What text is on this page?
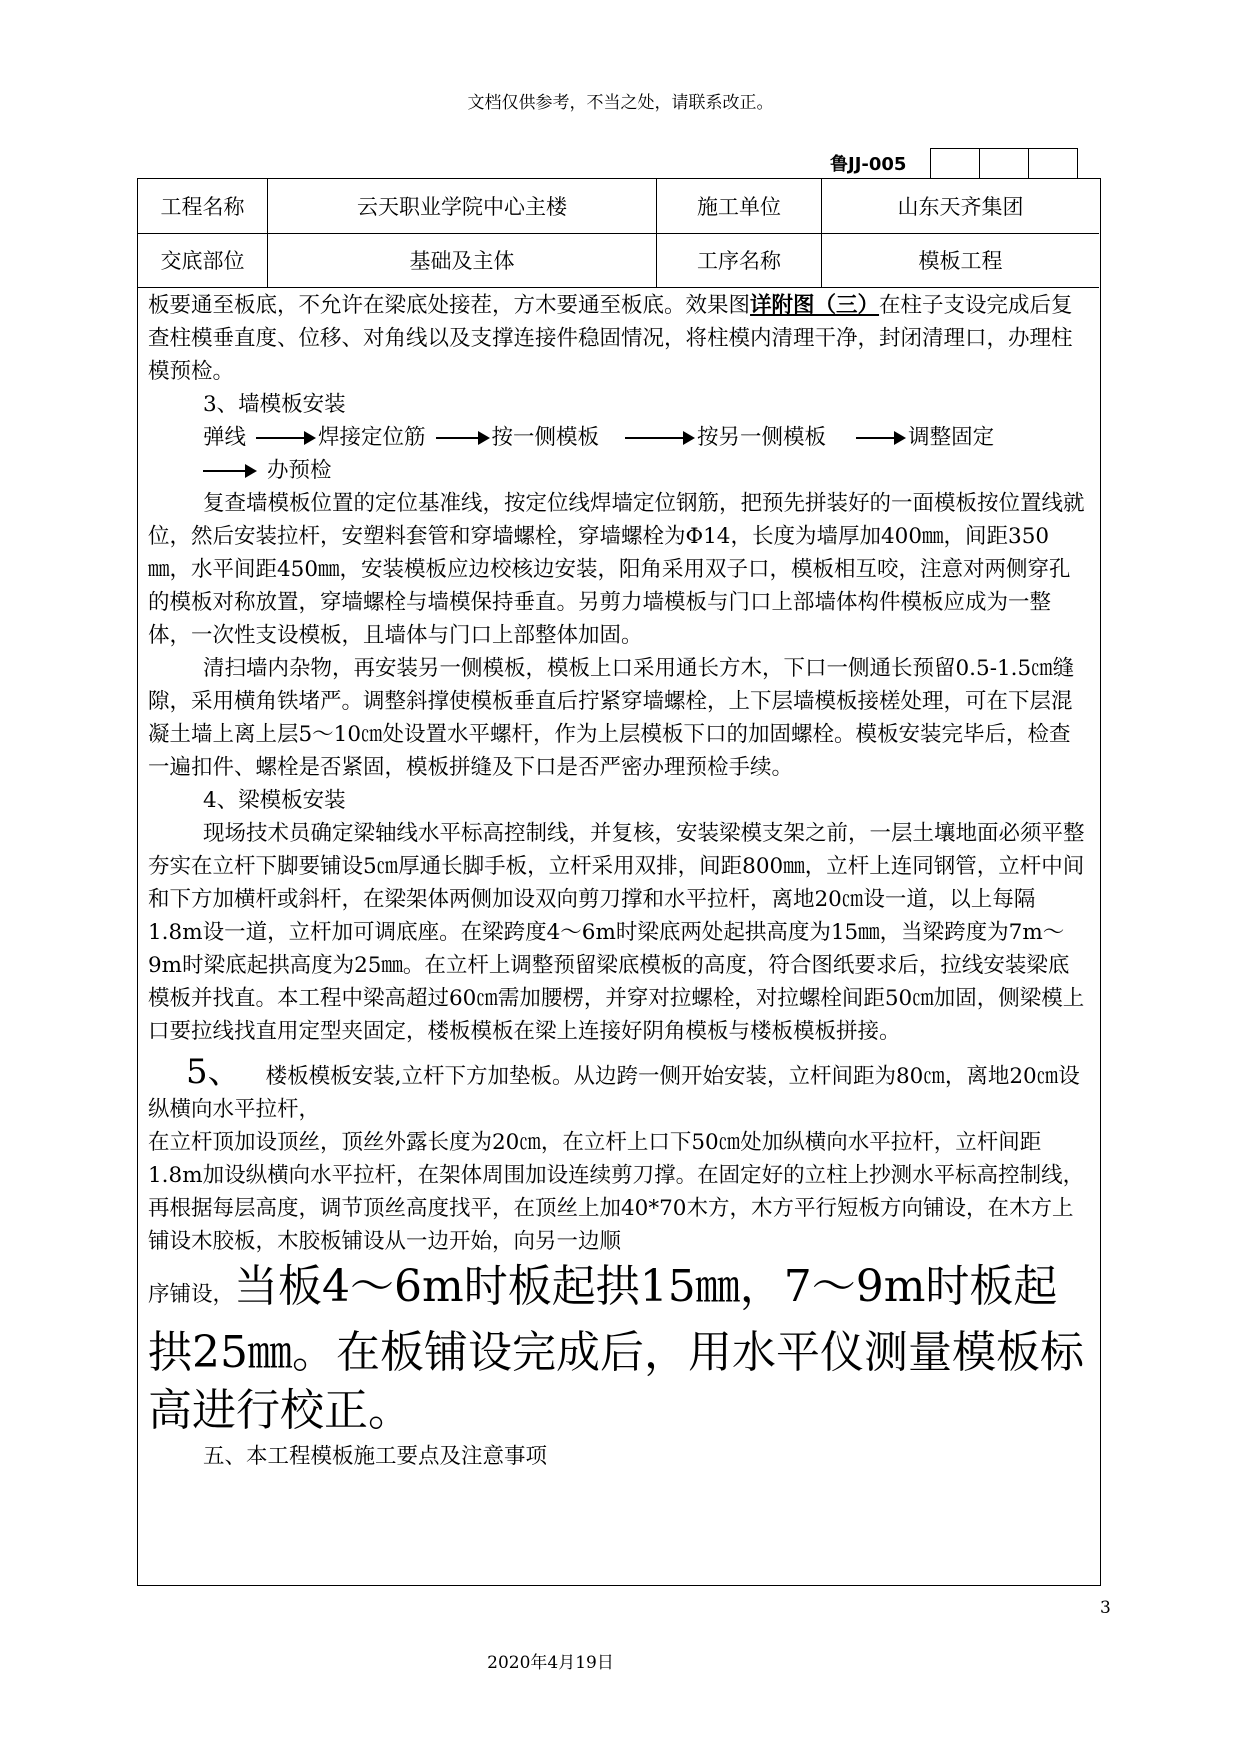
文档仅供参考，不当之处，请联系改正。
鲁JJ-005
工程名称	云天职业学院中心主楼	施工单位	山东天齐集团
交底部位	基础及主体	工序名称	模板工程

板要通至板底，不允许在梁底处接茬，方木要通至板底。效果图详附图（三）在柱子支设完成后复查柱模垂直度、位移、对角线以及支撑连接件稳固情况，将柱模内清理干净，封闭清理口，办理柱模预检。

3、墙模板安装

弹线	焊接定位筋	按一侧模板	按另一侧模板	调整固定
办预检

复查墙模板位置的定位基准线，按定位线焊墙定位钢筋，把预先拼装好的一面模板按位置线就位，然后安装拉杆，安塑料套管和穿墙螺栓，穿墙螺栓为Φ14，长度为墙厚加400㎜，间距350㎜，水平间距450㎜，安装模板应边校核边安装，阳角采用双子口，模板相互咬，注意对两侧穿孔的模板对称放置，穿墙螺栓与墙模保持垂直。另剪力墙模板与门口上部墙体构件模板应成为一整体，一次性支设模板，且墙体与门口上部整体加固。

清扫墙内杂物，再安装另一侧模板，模板上口采用通长方木，下口一侧通长预留0.5-1.5㎝缝隙，采用横角铁堵严。调整斜撑使模板垂直后拧紧穿墙螺栓，上下层墙模板接槎处理，可在下层混凝土墙上离上层5～10㎝处设置水平螺杆，作为上层模板下口的加固螺栓。模板安装完毕后，检查一遍扣件、螺栓是否紧固，模板拼缝及下口是否严密办理预检手续。

4、梁模板安装

现场技术员确定梁轴线水平标高控制线，并复核，安装梁模支架之前，一层土壤地面必须平整夯实在立杆下脚要铺设5㎝厚通长脚手板，立杆采用双排，间距800㎜，立杆上连同钢管，立杆中间和下方加横杆或斜杆，在梁架体两侧加设双向剪刀撑和水平拉杆，离地20㎝设一道，以上每隔1.8m设一道，立杆加可调底座。在梁跨度4～6m时梁底两处起拱高度为15㎜，当梁跨度为7m～9m时梁底起拱高度为25㎜。在立杆上调整预留梁底模板的高度，符合图纸要求后，拉线安装梁底模板并找直。本工程中梁高超过60㎝需加腰楞，并穿对拉螺栓，对拉螺栓间距50㎝加固，侧梁模上口要拉线找直用定型夹固定，楼板模板在梁上连接好阴角模板与楼板模板拼接。

5、 楼板模板安装,立杆下方加垫板。从边跨一侧开始安装，立杆间距为80㎝，离地20㎝设纵横向水平拉杆，

在立杆顶加设顶丝，顶丝外露长度为20㎝，在立杆上口下50㎝处加纵横向水平拉杆，立杆间距1.8m加设纵横向水平拉杆，在架体周围加设连续剪刀撑。在固定好的立柱上抄测水平标高控制线，再根据每层高度，调节顶丝高度找平，在顶丝上加40*70木方，木方平行短板方向铺设，在木方上铺设木胶板，木胶板铺设从一边开始，向另一边顺

序铺设，当板4～6m时板起拱15㎜，7～9m时板起拱25㎜。在板铺设完成后，用水平仪测量模板标高进行校正。

五、本工程模板施工要点及注意事项

3
2020年4月19日
